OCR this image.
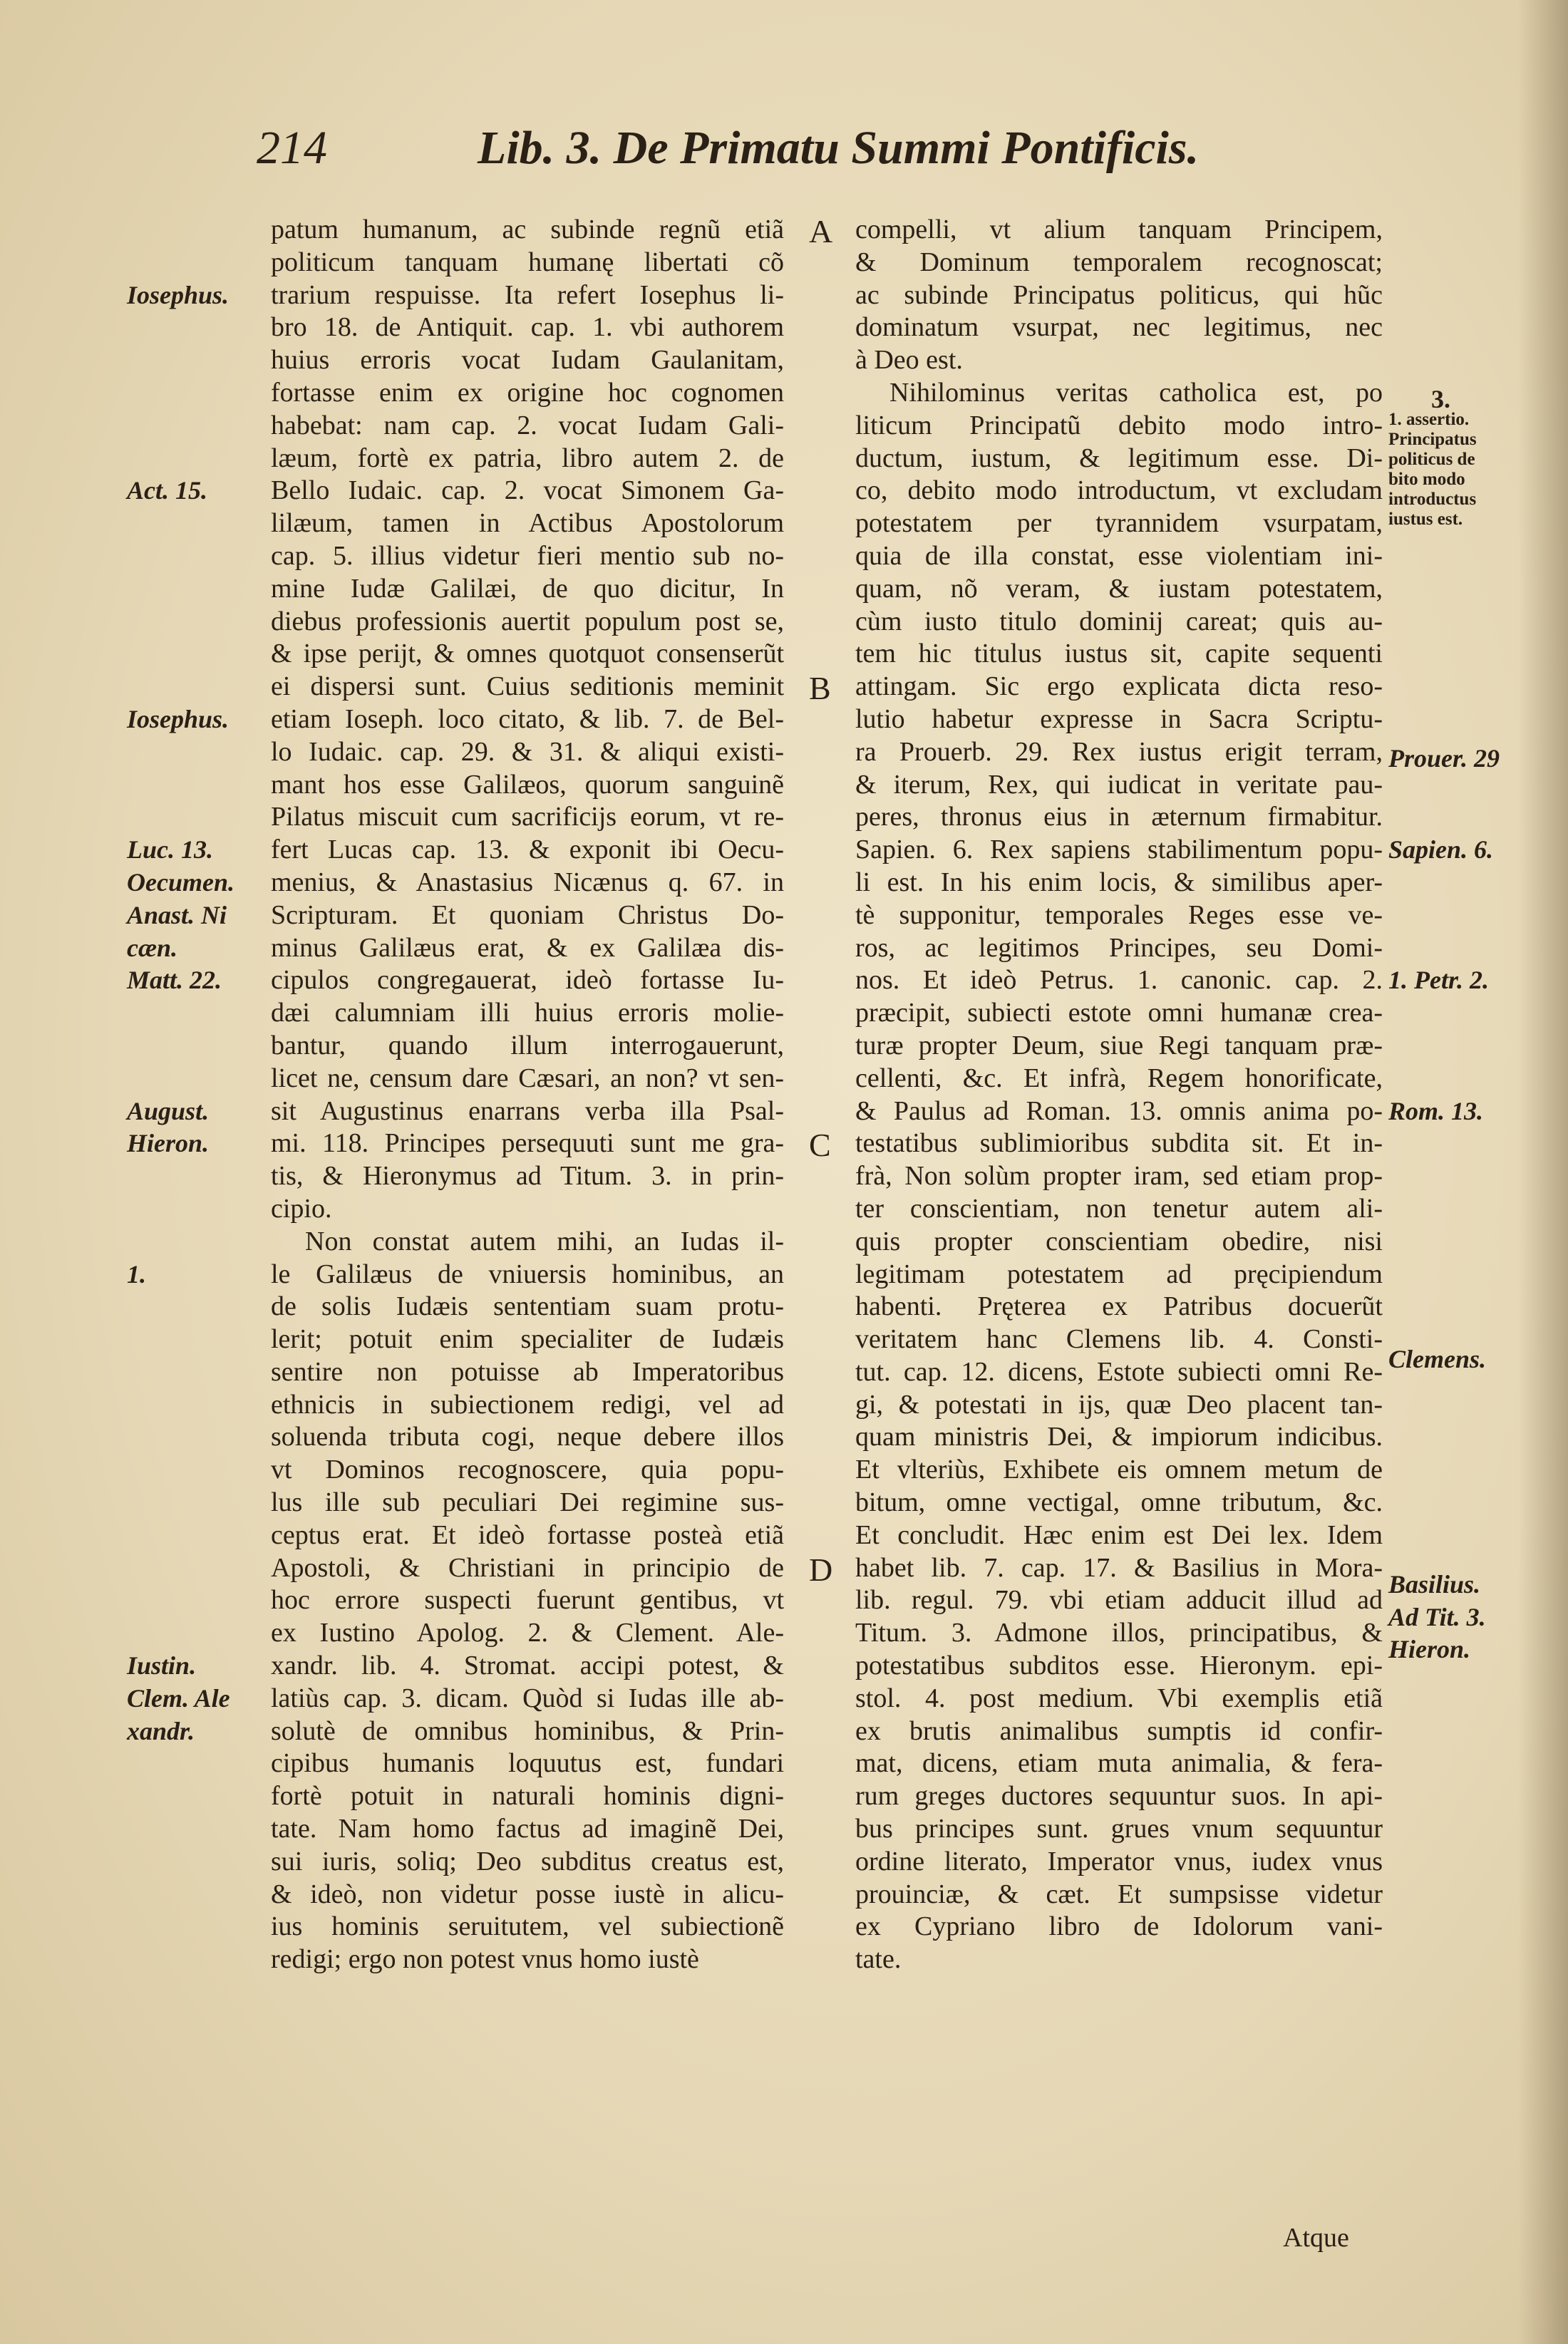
214	Lib. 3. De Primatu Summi Pontificis.
patum humanum, ac subinde regnũ etiã
politicum tanquam humanę libertati cõ
trarium respuisse. Ita refert Iosephus li-
bro 18. de Antiquit. cap. 1. vbi authorem
huius erroris vocat Iudam Gaulanitam,
fortasse enim ex origine hoc cognomen
habebat: nam cap. 2. vocat Iudam Gali-
læum, fortè ex patria, libro autem 2. de
Bello Iudaic. cap. 2. vocat Simonem Ga-
lilæum, tamen in Actibus Apostolorum
cap. 5. illius videtur fieri mentio sub no-
mine Iudæ Galilæi, de quo dicitur, In
diebus professionis auertit populum post se,
& ipse perijt, & omnes quotquot consenserũt
ei dispersi sunt. Cuius seditionis meminit
etiam Ioseph. loco citato, & lib. 7. de Bel-
lo Iudaic. cap. 29. & 31. & aliqui existi-
mant hos esse Galilæos, quorum sanguinẽ
Pilatus miscuit cum sacrificijs eorum, vt re-
fert Lucas cap. 13. & exponit ibi Oecu-
menius, & Anastasius Nicænus q. 67. in
Scripturam. Et quoniam Christus Do-
minus Galilæus erat, & ex Galilæa dis-
cipulos congregauerat, ideò fortasse Iu-
dæi calumniam illi huius erroris molie-
bantur, quando illum interrogauerunt,
licet ne, censum dare Cæsari, an non? vt sen-
sit Augustinus enarrans verba illa Psal-
mi. 118. Principes persequuti sunt me gra-
tis, & Hieronymus ad Titum. 3. in prin-
cipio.
Non constat autem mihi, an Iudas il-
le Galilæus de vniuersis hominibus, an
de solis Iudæis sententiam suam protu-
lerit; potuit enim specialiter de Iudæis
sentire non potuisse ab Imperatoribus
ethnicis in subiectionem redigi, vel ad
soluenda tributa cogi, neque debere illos
vt Dominos recognoscere, quia popu-
lus ille sub peculiari Dei regimine sus-
ceptus erat. Et ideò fortasse posteà etiã
Apostoli, & Christiani in principio de
hoc errore suspecti fuerunt gentibus, vt
ex Iustino Apolog. 2. & Clement. Ale-
xandr. lib. 4. Stromat. accipi potest, &
latiùs cap. 3. dicam. Quòd si Iudas ille ab-
solutè de omnibus hominibus, & Prin-
cipibus humanis loquutus est, fundari
fortè potuit in naturali hominis digni-
tate. Nam homo factus ad imaginẽ Dei,
sui iuris, soliq; Deo subditus creatus est,
& ideò, non videtur posse iustè in alicu-
ius hominis seruitutem, vel subiectionẽ
redigi; ergo non potest vnus homo iustè
compelli, vt alium tanquam Principem,
& Dominum temporalem recognoscat;
ac subinde Principatus politicus, qui hũc
dominatum vsurpat, nec legitimus, nec
à Deo est.
Nihilominus veritas catholica est, po
liticum Principatũ debito modo intro-
ductum, iustum, & legitimum esse. Di-
co, debito modo introductum, vt excludam
potestatem per tyrannidem vsurpatam,
quia de illa constat, esse violentiam ini-
quam, nõ veram, & iustam potestatem,
cùm iusto titulo dominij careat; quis au-
tem hic titulus iustus sit, capite sequenti
attingam. Sic ergo explicata dicta reso-
lutio habetur expresse in Sacra Scriptu-
ra Prouerb. 29. Rex iustus erigit terram,
& iterum, Rex, qui iudicat in veritate pau-
peres, thronus eius in æternum firmabitur.
Sapien. 6. Rex sapiens stabilimentum popu-
li est. In his enim locis, & similibus aper-
tè supponitur, temporales Reges esse ve-
ros, ac legitimos Principes, seu Domi-
nos. Et ideò Petrus. 1. canonic. cap. 2.
præcipit, subiecti estote omni humanæ crea-
turæ propter Deum, siue Regi tanquam præ-
cellenti, &c. Et infrà, Regem honorificate,
& Paulus ad Roman. 13. omnis anima po-
testatibus sublimioribus subdita sit. Et in-
frà, Non solùm propter iram, sed etiam prop-
ter conscientiam, non tenetur autem ali-
quis propter conscientiam obedire, nisi
legitimam potestatem ad pręcipiendum
habenti. Pręterea ex Patribus docuerũt
veritatem hanc Clemens lib. 4. Consti-
tut. cap. 12. dicens, Estote subiecti omni Re-
gi, & potestati in ijs, quæ Deo placent tan-
quam ministris Dei, & impiorum indicibus.
Et vlteriùs, Exhibete eis omnem metum de
bitum, omne vectigal, omne tributum, &c.
Et concludit. Hæc enim est Dei lex. Idem
habet lib. 7. cap. 17. & Basilius in Mora-
lib. regul. 79. vbi etiam adducit illud ad
Titum. 3. Admone illos, principatibus, &
potestatibus subditos esse. Hieronym. epi-
stol. 4. post medium. Vbi exemplis etiã
ex brutis animalibus sumptis id confir-
mat, dicens, etiam muta animalia, & fera-
rum greges ductores sequuntur suos. In api-
bus principes sunt. grues vnum sequuntur
ordine literato, Imperator vnus, iudex vnus
prouinciæ, & cæt. Et sumpsisse videtur
ex Cypriano libro de Idolorum vani-
tate.
Iosephus.
Act. 15.
Iosephus.
Luc. 13.
Oecumen.
Anast. Ni
cæn.
Matt. 22.
August.
Hieron.
1.
Iustin.
Clem. Ale
xandr.
Prouer. 29
Sapien. 6.
1. Petr. 2.
Rom. 13.
Clemens.
Basilius.
Ad Tit. 3.
Hieron.
3.
1. assertio.
Principatus
politicus de
bito modo
introductus
iustus est.
A
B
C
D
Atque
